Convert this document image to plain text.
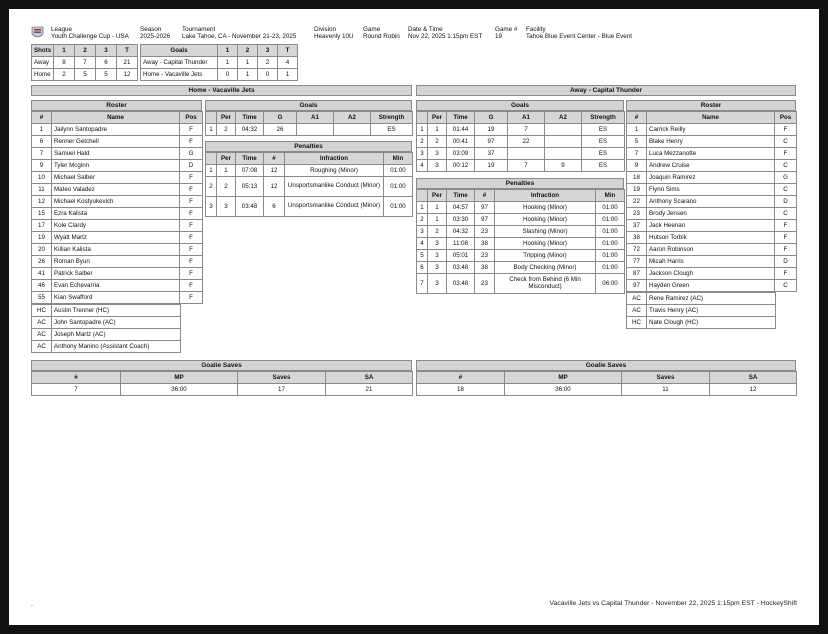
League
Youth Challenge Cup - USA
Season
2025-2026
Tournament
Lake Tahoe, CA - November 21-23, 2025
Division
Heavenly 10U
Game
Round Robin
Date & Time
Nov 22, 2025 1:15pm EST
Game #
19
Facility
Tahoe Blue Event Center - Blue Event
Shots	1	2	3	T
Away	8	7	6	21
Home	2	5	5	12
Goals	1	2	3	T
Away - Capital Thunder	1	1	2	4
Home - Vacaville Jets	0	1	0	1
Home - Vacaville Jets	Away - Capital Thunder
Roster
#	Name	Pos
1	Jailynn Santopadre	F
6	Renner Getchell	F
7	Samuel Hald	G
9	Tyler Mcginn	D
10	Michael Salber	F
11	Mateo Valadez	F
12	Michael Kostyukevich	F
15	Ezra Kalista	F
17	Kole Clardy	F
19	Wyatt Martz	F
20	Killian Kalista	F
26	Roman Byun	F
41	Patrick Salber	F
46	Evan Echevarria	F
55	Kian Swafford	F
HC	Austin Trenner (HC)
AC	John Santopadre (AC)
AC	Joseph Martz (AC)
AC	Anthony Manino (Assistant Coach)
Goals
	Per	Time	G	A1	A2	Strength
1	2	04:32	26			ES
Penalties
	Per	Time	#	Infraction	Min
1	1	07:08	12	Roughing (Minor)	01:00
2	2	05:13	12	Unsportsmanlike Conduct (Minor)	01:00
3	3	03:48	6	Unsportsmanlike Conduct (Minor)	01:00
Goals
	Per	Time	G	A1	A2	Strength
1	1	01:44	19	7		ES
2	2	00:41	97	22		ES
3	3	03:09	37			ES
4	3	00:12	19	7	9	ES
Penalties
	Per	Time	#	Infraction	Min
1	1	04:57	97	Hooking (Minor)	01:00
2	1	03:30	97	Hooking (Minor)	01:00
3	2	04:32	23	Slashing (Minor)	01:00
4	3	11:08	38	Hooking (Minor)	01:00
5	3	05:01	23	Tripping (Minor)	01:00
6	3	03:48	38	Body Checking (Minor)	01:00
7	3	03:48	23	Check from Behind (6 Min Misconduct)	06:00
Roster
#	Name	Pos
1	Carrick Reilly	F
5	Blake Henry	C
7	Luca Mezzanotte	F
9	Andrew Cruise	C
18	Joaquin Ramirez	G
19	Flynn Sims	C
22	Anthony Scarano	D
23	Brody Jensen	C
37	Jack Heenan	F
38	Hutson Torbik	F
72	Aaron Robinson	F
77	Micah Harris	D
87	Jackson Clough	F
97	Hayden Green	C
AC	Rene Ramirez (AC)
AC	Travis Henry (AC)
HC	Nate Clough (HC)
Goalie Saves
#	MP	Saves	SA
7	36:00	17	21
Goalie Saves
#	MP	Saves	SA
18	36:00	11	12
.	Vacaville Jets vs Capital Thunder - November 22, 2025 1:15pm EST - HockeyShift
